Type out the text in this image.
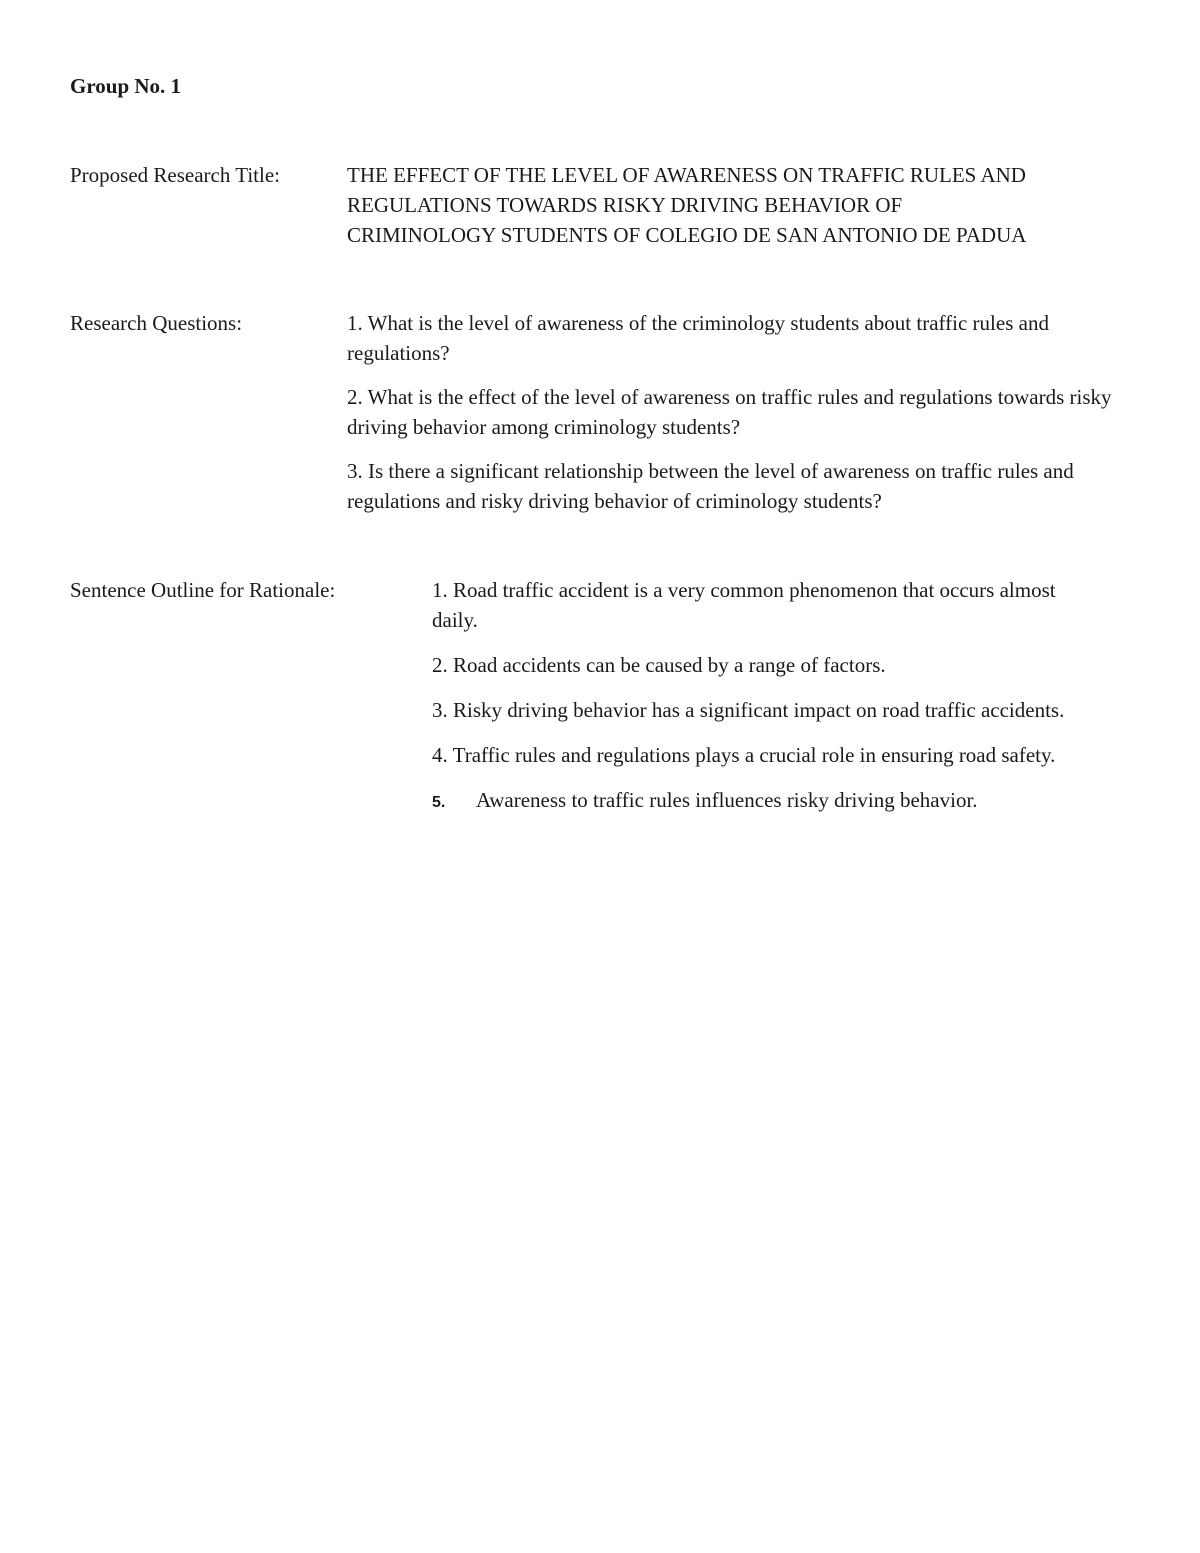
Group No. 1
Proposed Research Title:	THE EFFECT OF THE LEVEL OF AWARENESS ON TRAFFIC RULES AND

REGULATIONS TOWARDS RISKY DRIVING BEHAVIOR OF

CRIMINOLOGY STUDENTS OF COLEGIO DE SAN ANTONIO DE PADUA

Research Questions:	1. What is the level of awareness of the criminology students about traffic rules and regulations?

2. What is the effect of the level of awareness on traffic rules and regulations towards risky driving behavior among criminology students?

3. Is there a significant relationship between the level of awareness on traffic rules and regulations and risky driving behavior of criminology students?

Sentence Outline for Rationale:	1. Road traffic accident is a very common phenomenon that occurs almost daily.

2. Road accidents can be caused by a range of factors.

3. Risky driving behavior has a significant impact on road traffic accidents.

4. Traffic rules and regulations plays a crucial role in ensuring road safety.

5. Awareness to traffic rules influences risky driving behavior.
